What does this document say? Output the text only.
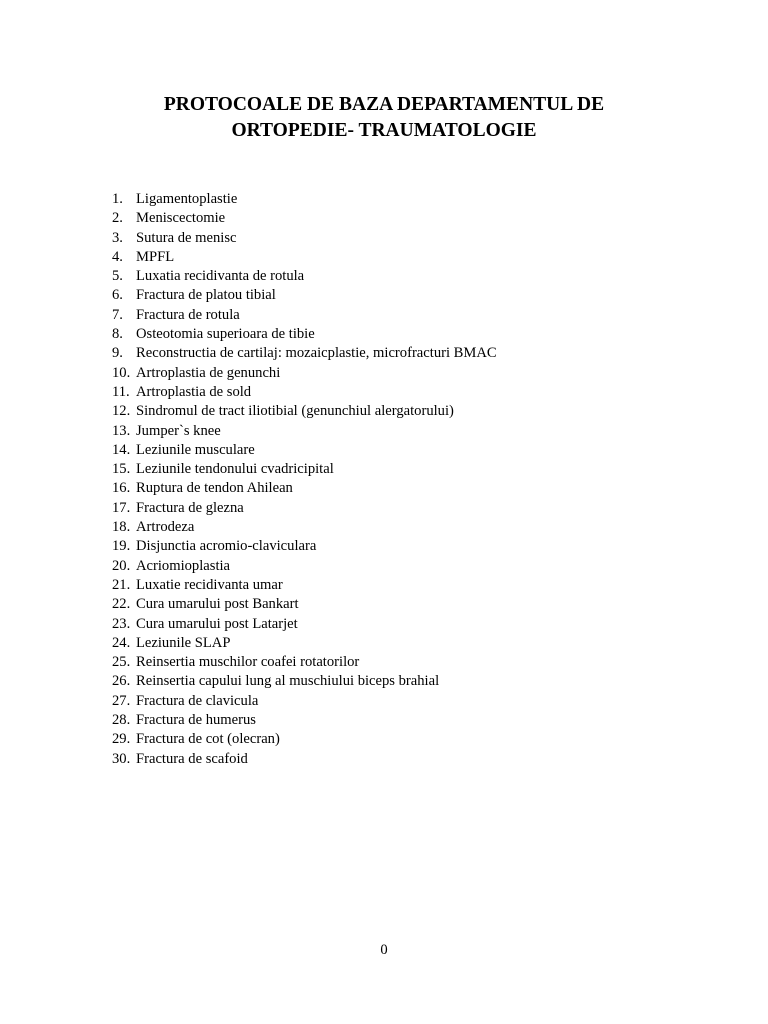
PROTOCOALE DE BAZA DEPARTAMENTUL DE
ORTOPEDIE- TRAUMATOLOGIE
1. Ligamentoplastie
2. Meniscectomie
3. Sutura de menisc
4. MPFL
5. Luxatia recidivanta de rotula
6. Fractura de platou tibial
7. Fractura de rotula
8. Osteotomia superioara de tibie
9. Reconstructia de cartilaj: mozaicplastie, microfracturi BMAC
10. Artroplastia de genunchi
11. Artroplastia de sold
12. Sindromul de tract iliotibial (genunchiul alergatorului)
13. Jumper`s knee
14. Leziunile musculare
15. Leziunile tendonului cvadricipital
16. Ruptura de tendon Ahilean
17. Fractura de glezna
18. Artrodeza
19. Disjunctia acromio-claviculara
20. Acriomioplastia
21. Luxatie recidivanta umar
22. Cura umarului post Bankart
23. Cura umarului post Latarjet
24. Leziunile SLAP
25. Reinsertia muschilor coafei rotatorilor
26. Reinsertia capului lung al muschiului biceps brahial
27. Fractura de clavicula
28. Fractura de humerus
29. Fractura de cot (olecran)
30. Fractura de scafoid
0
